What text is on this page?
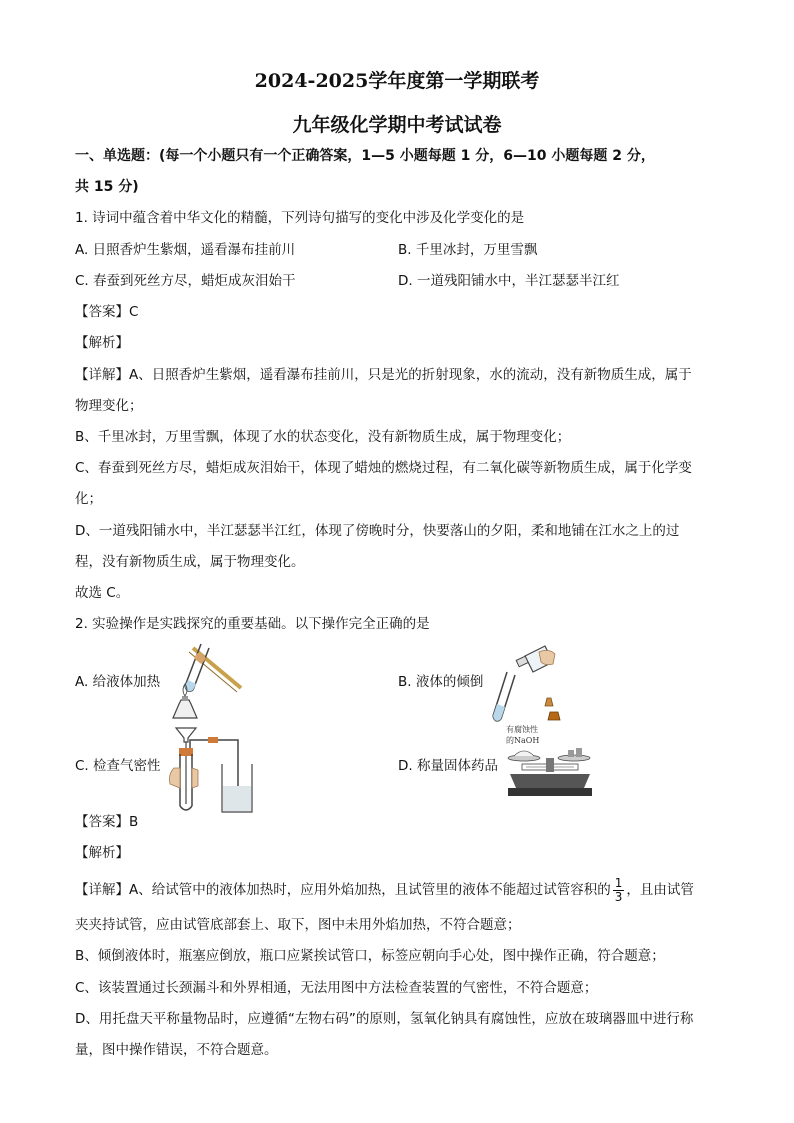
2024-2025学年度第一学期联考
九年级化学期中考试试卷
一、单选题：(每一个小题只有一个正确答案，1—5 小题每题 1 分，6—10 小题每题 2 分，
共 15 分)
1. 诗词中蕴含着中华文化的精髓，下列诗句描写的变化中涉及化学变化的是
A. 日照香炉生紫烟，遥看瀑布挂前川	B. 千里冰封，万里雪飘
C. 春蚕到死丝方尽，蜡炬成灰泪始干	D. 一道残阳铺水中，半江瑟瑟半江红
【答案】C
【解析】
【详解】A、日照香炉生紫烟，遥看瀑布挂前川，只是光的折射现象，水的流动，没有新物质生成，属于
物理变化；
B、千里冰封，万里雪飘，体现了水的状态变化，没有新物质生成，属于物理变化；
C、春蚕到死丝方尽，蜡炬成灰泪始干，体现了蜡烛的燃烧过程，有二氧化碳等新物质生成，属于化学变
化；
D、一道残阳铺水中，半江瑟瑟半江红，体现了傍晚时分，快要落山的夕阳，柔和地铺在江水之上的过
程，没有新物质生成，属于物理变化。
故选 C。
2. 实验操作是实践探究的重要基础。以下操作完全正确的是
A. 给液体加热	B. 液体的倾倒
C. 检查气密性	D. 称量固体药品
有腐蚀性
的NaOH
【答案】B
【解析】
【详解】A、给试管中的液体加热时，应用外焰加热，且试管里的液体不能超过试管容积的 $\frac{1}{3}$ ，且由试管
夹夹持试管，应由试管底部套上、取下，图中未用外焰加热，不符合题意；
B、倾倒液体时，瓶塞应倒放，瓶口应紧挨试管口，标签应朝向手心处，图中操作正确，符合题意；
C、该装置通过长颈漏斗和外界相通，无法用图中方法检查装置的气密性，不符合题意；
D、用托盘天平称量物品时，应遵循“左物右码”的原则，氢氧化钠具有腐蚀性，应放在玻璃器皿中进行称
量，图中操作错误，不符合题意。
